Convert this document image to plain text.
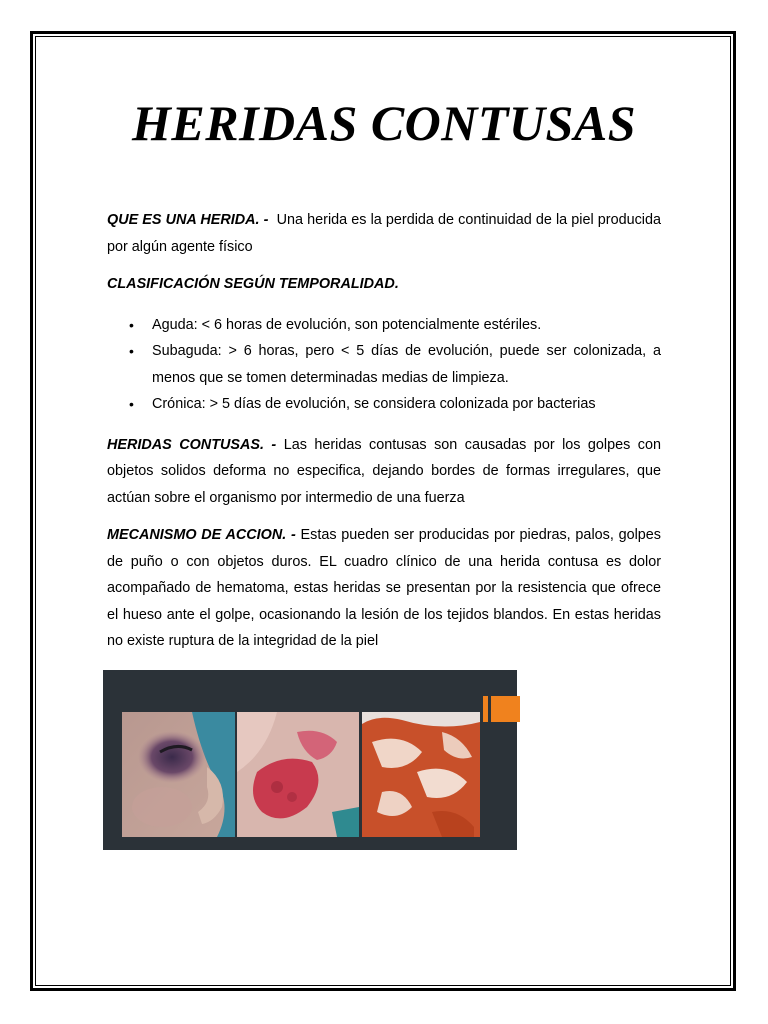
HERIDAS CONTUSAS

QUE ES UNA HERIDA. - Una herida es la perdida de continuidad de la piel producida por algún agente físico

CLASIFICACIÓN SEGÚN TEMPORALIDAD.

• Aguda: < 6 horas de evolución, son potencialmente estériles.
• Subaguda: > 6 horas, pero < 5 días de evolución, puede ser colonizada, a menos que se tomen determinadas medias de limpieza.
• Crónica: > 5 días de evolución, se considera colonizada por bacterias

HERIDAS CONTUSAS. - Las heridas contusas son causadas por los golpes con objetos solidos deforma no especifica, dejando bordes de formas irregulares, que actúan sobre el organismo por intermedio de una fuerza

MECANISMO DE ACCION. - Estas pueden ser producidas por piedras, palos, golpes de puño o con objetos duros. EL cuadro clínico de una herida contusa es dolor acompañado de hematoma, estas heridas se presentan por la resistencia que ofrece el hueso ante el golpe, ocasionando la lesión de los tejidos blandos. En estas heridas no existe ruptura de la integridad de la piel
